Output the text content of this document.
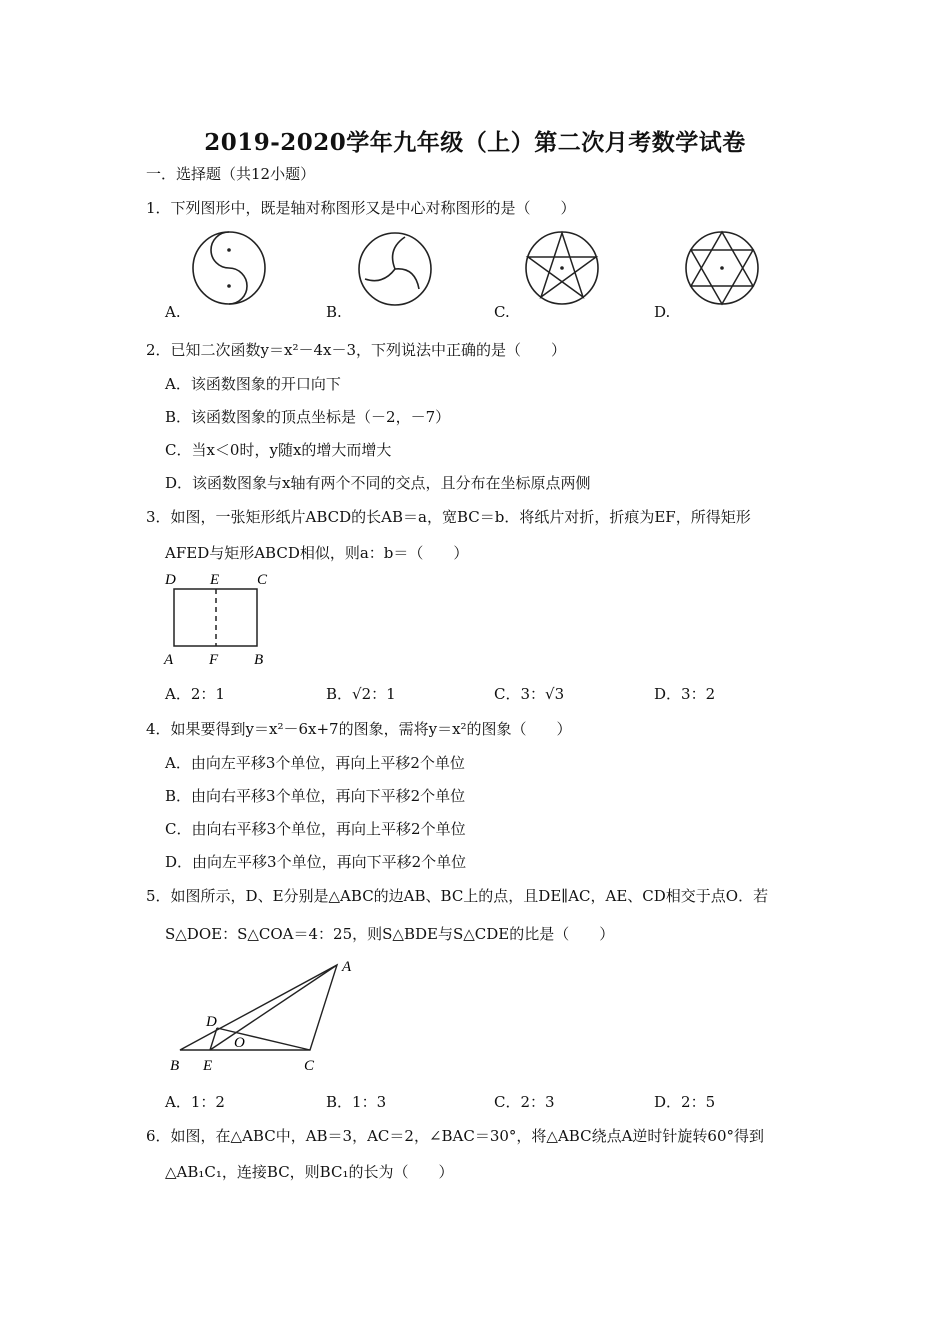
2019-2020学年九年级（上）第二次月考数学试卷
一．选择题（共12小题）
1．下列图形中，既是轴对称图形又是中心对称图形的是（　　）
A.	B.	C.	D.
2．已知二次函数y＝x²－4x－3，下列说法中正确的是（　　）
A．该函数图象的开口向下
B．该函数图象的顶点坐标是（－2，－7）
C．当x＜0时，y随x的增大而增大
D．该函数图象与x轴有两个不同的交点，且分布在坐标原点两侧
3．如图，一张矩形纸片ABCD的长AB＝a，宽BC＝b．将纸片对折，折痕为EF，所得矩形
AFED与矩形ABCD相似，则a：b＝（　　）
D E	C
A F B
A．2：1	B．√2：1	C．3：√3	D．3：2
4．如果要得到y＝x²－6x+7的图象，需将y＝x²的图象（　　）
A．由向左平移3个单位，再向上平移2个单位
B．由向右平移3个单位，再向下平移2个单位
C．由向右平移3个单位，再向上平移2个单位
D．由向左平移3个单位，再向下平移2个单位
5．如图所示，D、E分别是△ABC的边AB、BC上的点，且DE∥AC，AE、CD相交于点O．若
S△DOE：S△COA＝4：25，则S△BDE与S△CDE的比是（　　）
A
D
O
B E	C
A．1：2	B．1：3	C．2：3	D．2：5
6．如图，在△ABC中，AB＝3，AC＝2，∠BAC＝30°，将△ABC绕点A逆时针旋转60°得到
△AB₁C₁，连接BC，则BC₁的长为（　　）
